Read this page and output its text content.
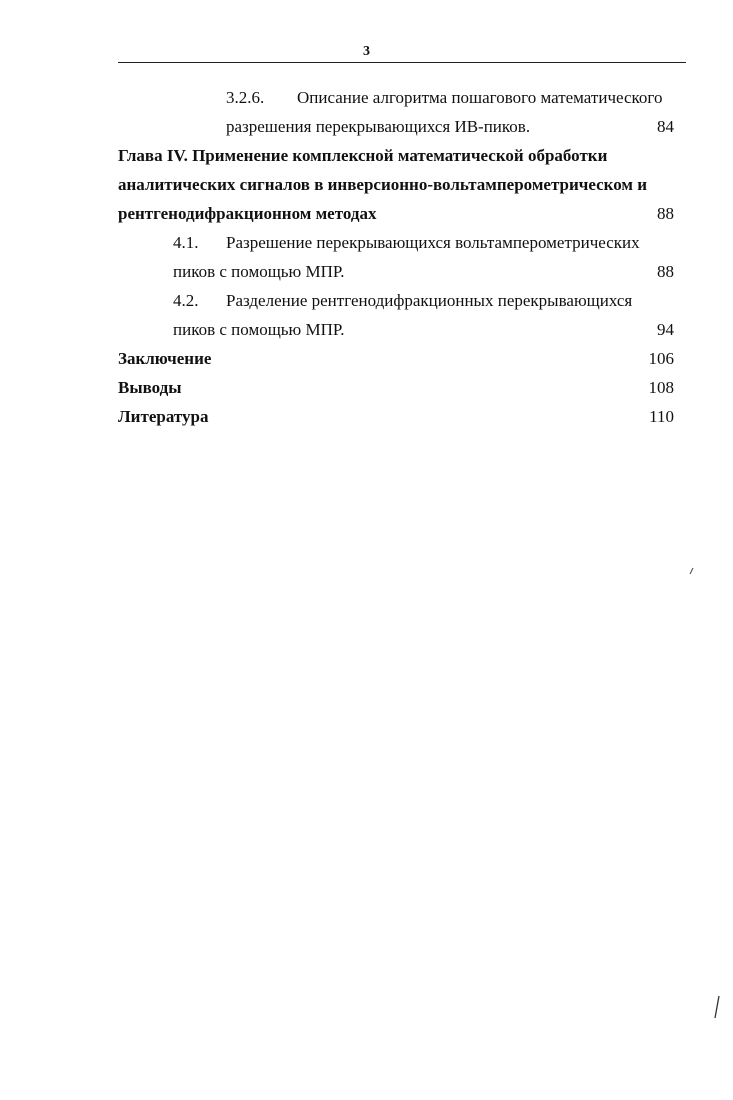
3
3.2.6. Описание алгоритма пошагового математического
разрешения перекрывающихся ИВ-пиков.	84
Глава IV. Применение комплексной математической обработки
аналитических сигналов в инверсионно-вольтамперометрическом и
рентгенодифракционном методах	88
4.1. Разрешение перекрывающихся вольтамперометрических
пиков с помощью МПР.	88
4.2. Разделение рентгенодифракционных перекрывающихся
пиков с помощью МПР.	94
Заключение	106
Выводы	108
Литература	110
